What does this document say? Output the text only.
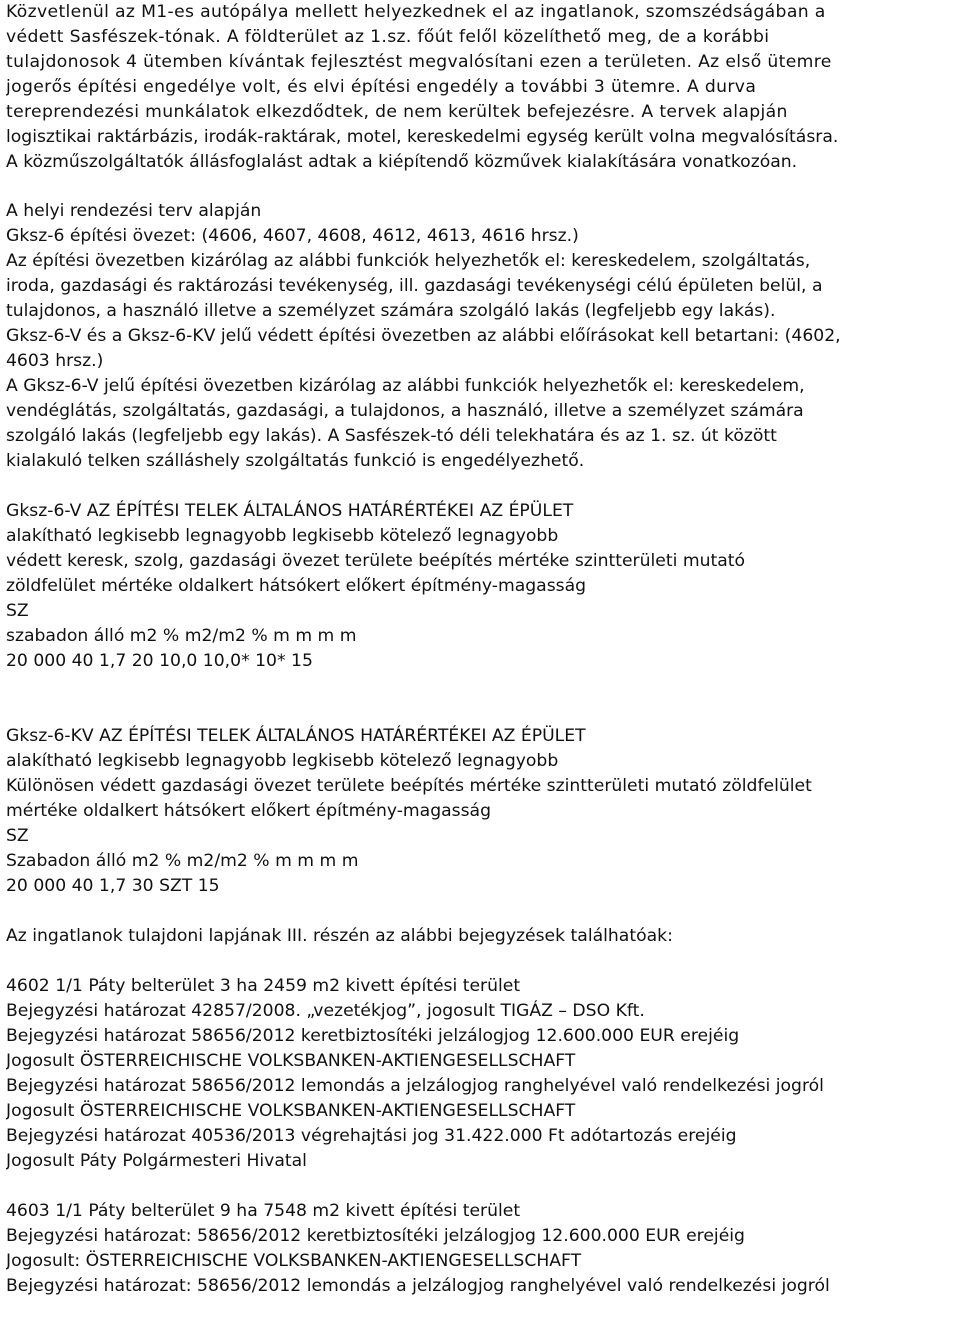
Közvetlenül az M1-es autópálya mellett helyezkednek el az ingatlanok, szomszédságában a
védett Sasfészek-tónak. A földterület az 1.sz. főút felől közelíthető meg, de a korábbi
tulajdonosok 4 ütemben kívántak fejlesztést megvalósítani ezen a területen. Az első ütemre
jogerős építési engedélye volt, és elvi építési engedély a további 3 ütemre. A durva
tereprendezési munkálatok elkezdődtek, de nem kerültek befejezésre. A tervek alapján
logisztikai raktárbázis, irodák-raktárak, motel, kereskedelmi egység került volna megvalósításra.
A közműszolgáltatók állásfoglalást adtak a kiépítendő közművek kialakítására vonatkozóan.
A helyi rendezési terv alapján
Gksz-6 építési övezet: (4606, 4607, 4608, 4612, 4613, 4616 hrsz.)
Az építési övezetben kizárólag az alábbi funkciók helyezhetők el: kereskedelem, szolgáltatás,
iroda, gazdasági és raktározási tevékenység, ill. gazdasági tevékenységi célú épületen belül, a
tulajdonos, a használó illetve a személyzet számára szolgáló lakás (legfeljebb egy lakás).
Gksz-6-V és a Gksz-6-KV jelű védett építési övezetben az alábbi előírásokat kell betartani: (4602,
4603 hrsz.)
A Gksz-6-V jelű építési övezetben kizárólag az alábbi funkciók helyezhetők el: kereskedelem,
vendéglátás, szolgáltatás, gazdasági, a tulajdonos, a használó, illetve a személyzet számára
szolgáló lakás (legfeljebb egy lakás). A Sasfészek-tó déli telekhatára és az 1. sz. út között
kialakuló telken szálláshely szolgáltatás funkció is engedélyezhető.
Gksz-6-V AZ ÉPÍTÉSI TELEK ÁLTALÁNOS HATÁRÉRTÉKEI AZ ÉPÜLET
alakítható legkisebb legnagyobb legkisebb kötelező legnagyobb
védett keresk, szolg, gazdasági övezet területe beépítés mértéke szintterületi mutató
zöldfelület mértéke oldalkert hátsókert előkert építmény-magasság
SZ
szabadon álló m2 % m2/m2 % m m m m
20 000 40 1,7 20 10,0 10,0* 10* 15
Gksz-6-KV AZ ÉPÍTÉSI TELEK ÁLTALÁNOS HATÁRÉRTÉKEI AZ ÉPÜLET
alakítható legkisebb legnagyobb legkisebb kötelező legnagyobb
Különösen védett gazdasági övezet területe beépítés mértéke szintterületi mutató zöldfelület
mértéke oldalkert hátsókert előkert építmény-magasság
SZ
Szabadon álló m2 % m2/m2 % m m m m
20 000 40 1,7 30 SZT 15
Az ingatlanok tulajdoni lapjának III. részén az alábbi bejegyzések találhatóak:
4602 1/1 Páty belterület 3 ha 2459 m2 kivett építési terület
Bejegyzési határozat 42857/2008. „vezetékjog”, jogosult TIGÁZ – DSO Kft.
Bejegyzési határozat 58656/2012 keretbiztosítéki jelzálogjog 12.600.000 EUR erejéig
Jogosult ÖSTERREICHISCHE VOLKSBANKEN-AKTIENGESELLSCHAFT
Bejegyzési határozat 58656/2012 lemondás a jelzálogjog ranghelyével való rendelkezési jogról
Jogosult ÖSTERREICHISCHE VOLKSBANKEN-AKTIENGESELLSCHAFT
Bejegyzési határozat 40536/2013 végrehajtási jog 31.422.000 Ft adótartozás erejéig
Jogosult Páty Polgármesteri Hivatal
4603 1/1 Páty belterület 9 ha 7548 m2 kivett építési terület
Bejegyzési határozat: 58656/2012 keretbiztosítéki jelzálogjog 12.600.000 EUR erejéig
Jogosult: ÖSTERREICHISCHE VOLKSBANKEN-AKTIENGESELLSCHAFT
Bejegyzési határozat: 58656/2012 lemondás a jelzálogjog ranghelyével való rendelkezési jogról
